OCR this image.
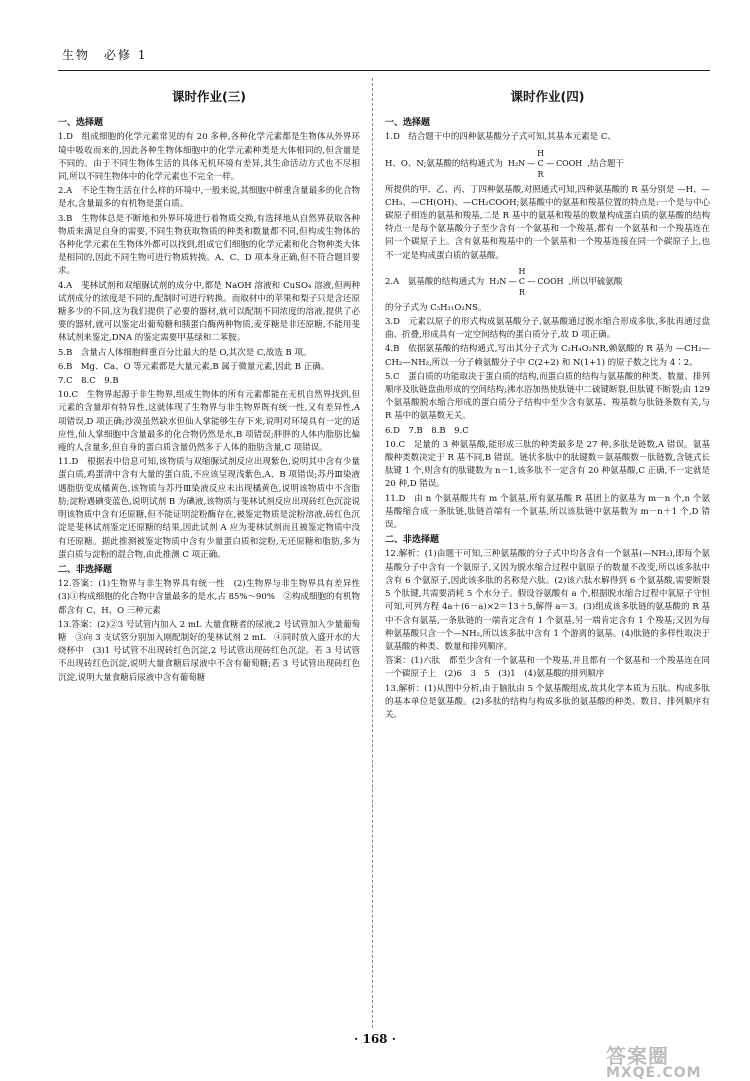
生物　必修 1
课时作业(三)
一、选择题

1.D　组成细胞的化学元素常见的有 20 多种,各种化学元素都是生物体从外界环境中吸收而来的,因此各种生物体细胞中的化学元素种类是大体相同的,但含量是不同的。由于不同生物体生活的具体无机环境有差异,其生命活动方式也不尽相同,所以不同生物体中的化学元素也不完全一样。

2.A　不论生物生活在什么样的环境中,一般来说,其细胞中鲜重含量最多的化合物是水,含量最多的有机物是蛋白质。

3.B　生物体总是不断地和外界环境进行着物质交换,有选择地从自然界获取各种物质来满足自身的需要,不同生物获取物质的种类和数量都不同,但构成生物体的各种化学元素在生物体外都可以找到,组成它们细胞的化学元素和化合物种类大体是相同的,因此不同生物可进行物质转换。A、C、D 项本身正确,但不符合题目要求。

4.A　斐林试剂和双缩脲试剂的成分中,都是 NaOH 溶液和 CuSO₄ 溶液,但两种试剂成分的浓度是不同的,配制时可进行转换。而取材中的苹果和梨子只是含还原糖多少的不同,这为我们提供了必要的器材,就可以配制不同浓度的溶液,提供了必要的器材,就可以鉴定出葡萄糖和胰蛋白酶两种物质,麦芽糖是非还原糖,不能用斐林试剂来鉴定,DNA 的鉴定需要甲基绿和二苯胺。

5.B　含量占人体细胞鲜重百分比最大的是 O,其次是 C,故选 B 项。

6.B　Mg、Ca、O 等元素都是大量元素,B 属于微量元素,因此 B 正确。

7.C　8.C　9.B

10.C　生物界起源于非生物界,组成生物体的所有元素都能在无机自然界找到,但元素的含量却有特异性,这就体现了生物界与非生物界既有统一性,又有差异性,A 项错误,D 项正确;沙漠虽然缺水但仙人掌能够生存下来,说明对环境具有一定的适应性,仙人掌细胞中含量最多的化合物仍然是水,B 项错误;胖胖的人体内脂肪比偏瘦的人含量多,但自身的蛋白质含量仍然多于人体的脂肪含量,C 项错误。

11.D　根据表中信息可知,该物质与双缩脲试剂反应出现紫色,说明其中含有少量蛋白质,鸡蛋清中含有大量的蛋白质,不应该呈现浅紫色,A、B 项错误;苏丹Ⅲ染液遇脂肪变成橘黄色,该物质与苏丹Ⅲ染液反应未出现橘黄色,说明该物质中不含脂肪;淀粉遇碘变蓝色,说明试剂 B 为碘液,该物质与斐林试剂反应出现砖红色沉淀说明该物质中含有还原糖,但不能证明淀粉酶存在,被鉴定物质是淀粉溶液,砖红色沉淀是斐林试剂鉴定还原糖的结果,因此试剂 A 应为斐林试剂而且被鉴定物质中没有还原糖。据此推测被鉴定物质中含有少量蛋白质和淀粉,无还原糖和脂肪,多为蛋白质与淀粉的混合物,由此推测 C 项正确。

二、非选择题

12.答案：(1)生物界与非生物界具有统一性　(2)生物界与非生物界具有差异性　(3)①构成细胞的化合物中含量最多的是水,占 85%～90%　②构成细胞的有机物都含有 C、H、O 三种元素

13.答案：(2)②3 号试管内加入 2 mL 大量食糖者的尿液,2 号试管加入少量葡萄糖　③向 3 支试管分别加入刚配制好的斐林试剂 2 mL　④同时放入盛开水的大烧杯中　(3)1 号试管不出现砖红色沉淀,2 号试管出现砖红色沉淀。若 3 号试管不出现砖红色沉淀,说明大量食糖后尿液中不含有葡萄糖;若 3 号试管出现砖红色沉淀,说明大量食糖后尿液中含有葡萄糖

课时作业(四)
一、选择题

1.D　结合题干中的四种氨基酸分子式可知,其基本元素是 C、

H、O、N;氨基酸的结构通式为
H
H₂N — C — COOH
R
,结合题干

所提供的甲、乙、丙、丁四种氨基酸,对照通式可知,四种氨基酸的 R 基分别是 —H、—CH₃、—CH(OH)、—CH₂COOH;氨基酸中的氨基和羧基位置的特点是:一个是与中心碳原子相连的氨基和羧基,二是 R 基中的氨基和羧基的数量构成蛋白质的氨基酸的结构特点一是每个氨基酸分子至少含有一个氨基和一个羧基,都有一个氨基和一个羧基连在同一个碳原子上。含有氨基和羧基中的一个氨基和一个羧基连接在同一个碳原子上,也不一定是构成蛋白质的氨基酸。

2.A　氨基酸的结构通式为
H
H₂N — C — COOH
R
,所以甲硫氨酸

的分子式为 C₅H₁₁O₂NS。

3.D　元素以原子的形式构成氨基酸分子,氨基酸通过脱水缩合形成多肽,多肽再通过盘曲、折叠,形成具有一定空间结构的蛋白质分子,故 D 项正确。

4.B　依据氨基酸的结构通式,写出其分子式为 C₂H₄O₂NR,赖氨酸的 R 基为 —CH₂—CH₂—NH₂,所以一分子赖氨酸分子中 C(2+2) 和 N(1+1) 的原子数之比为 4∶2。

5.C　蛋白质的功能取决于蛋白质的结构,而蛋白质的结构与氨基酸的种类、数量、排列顺序及肽链盘曲形成的空间结构;沸水浴加热使肽链中二硫键断裂,但肽键不断裂;由 129 个氨基酸脱水缩合形成的蛋白质分子结构中至少含有氨基、羧基数与肽链条数有关,与 R 基中的氨基数无关。

6.D　7.B　8.B　9.C

10.C　足量的 3 种氨基酸,能形成三肽的种类最多是 27 种,多肽是链数,A 错误。氨基酸种类数决定于 R 基不同,B 错误。链状多肽中的肽键数＝氨基酸数－肽链数,含链式长肽键 1 个,则含有的肽键数为 n－1,该多肽不一定含有 20 种氨基酸,C 正确,不一定就是 20 种,D 错误。

11.D　由 n 个氨基酸共有 m 个氨基,所有氨基酸 R 基团上的氨基为 m－n 个,n 个氨基酸缩合成一条肽链,肽链首端有一个氨基,所以该肽链中氨基数为 m－n＋1 个,D 错误。

二、非选择题

12.解析：(1)由题干可知,三种氨基酸的分子式中均各含有一个氨基(—NH₂),即每个氨基酸分子中含有一个氨原子,又因为脱水缩合过程中氨原子的数量不改变,所以该多肽中含有 6 个氨原子,因此该多肽的名称是六肽。(2)该六肽水解得到 6 个氨基酸,需要断裂 5 个肽键,共需要消耗 5 个水分子。假设谷氨酸有 a 个,根据脱水缩合过程中氧原子守恒可知,可列方程 4a＋(6－a)×2＝13＋5,解得 a＝3。(3)组成该多肽链的氨基酸的 R 基中不含有氨基,一条肽链的一端肯定含有 1 个氨基,另一端肯定含有 1 个羧基;又因为每种氨基酸只含一个—NH₂,所以该多肽中含有 1 个游离的氨基。(4)肽链的多样性取决于氨基酸的种类、数量和排列顺序。

答案：(1)六肽　都至少含有一个氨基和一个羧基,并且都有一个氨基和一个羧基连在同一个碳原子上　(2)6　3　5　(3)1　(4)氨基酸的排列顺序

13.解析：(1)从图中分析,由于脑肽由 5 个氨基酸组成,故其化学本质为五肽。构成多肽的基本单位是氨基酸。(2)多肽的结构与构成多肽的氨基酸的种类、数目、排列顺序有关。

· 168 ·
答案圈
MXQE.COM
